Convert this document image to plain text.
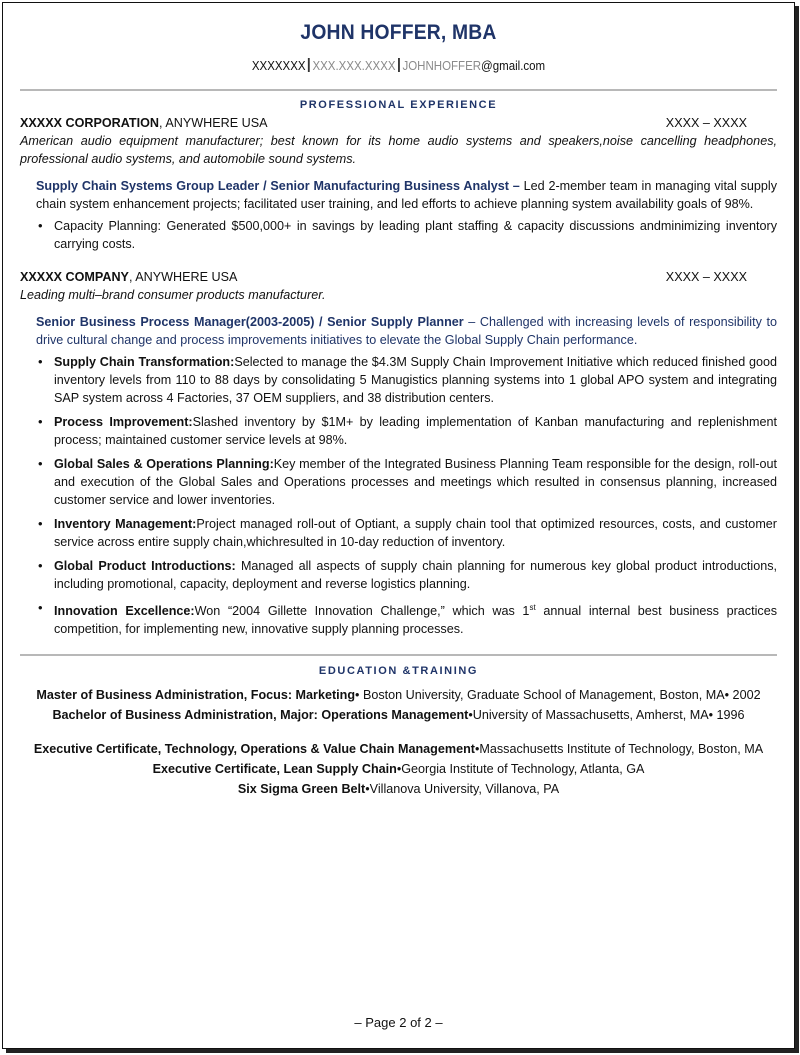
JOHN HOFFER, MBA
XXXXXXX XXX.XXX.XXXX JOHNHOFFER@gmail.com
PROFESSIONAL EXPERIENCE
XXXXX CORPORATION, ANYWHERE USA	XXXX – XXXX
American audio equipment manufacturer; best known for its home audio systems and speakers,noise cancelling headphones, professional audio systems, and automobile sound systems.
Supply Chain Systems Group Leader / Senior Manufacturing Business Analyst – Led 2-member team in managing vital supply chain system enhancement projects; facilitated user training, and led efforts to achieve planning system availability goals of 98%.
• Capacity Planning: Generated $500,000+ in savings by leading plant staffing & capacity discussions andminimizing inventory carrying costs.
XXXXX COMPANY, ANYWHERE USA	XXXX – XXXX
Leading multi–brand consumer products manufacturer.
Senior Business Process Manager(2003-2005) / Senior Supply Planner – Challenged with increasing levels of responsibility to drive cultural change and process improvements initiatives to elevate the Global Supply Chain performance.
• Supply Chain Transformation:Selected to manage the $4.3M Supply Chain Improvement Initiative which reduced finished good inventory levels from 110 to 88 days by consolidating 5 Manugistics planning systems into 1 global APO system and integrating SAP system across 4 Factories, 37 OEM suppliers, and 38 distribution centers.
• Process Improvement:Slashed inventory by $1M+ by leading implementation of Kanban manufacturing and replenishment process; maintained customer service levels at 98%.
• Global Sales & Operations Planning:Key member of the Integrated Business Planning Team responsible for the design, roll-out and execution of the Global Sales and Operations processes and meetings which resulted in consensus planning, increased customer service and lower inventories.
• Inventory Management:Project managed roll-out of Optiant, a supply chain tool that optimized resources, costs, and customer service across entire supply chain,whichresulted in 10-day reduction of inventory.
• Global Product Introductions: Managed all aspects of supply chain planning for numerous key global product introductions, including promotional, capacity, deployment and reverse logistics planning.
• Innovation Excellence:Won “2004 Gillette Innovation Challenge,” which was 1st annual internal best business practices competition, for implementing new, innovative supply planning processes.
EDUCATION &TRAINING
Master of Business Administration, Focus: Marketing• Boston University, Graduate School of Management, Boston, MA• 2002
Bachelor of Business Administration, Major: Operations Management•University of Massachusetts, Amherst, MA• 1996
Executive Certificate, Technology, Operations & Value Chain Management•Massachusetts Institute of Technology, Boston, MA
Executive Certificate, Lean Supply Chain•Georgia Institute of Technology, Atlanta, GA
Six Sigma Green Belt•Villanova University, Villanova, PA
– Page 2 of 2 –
